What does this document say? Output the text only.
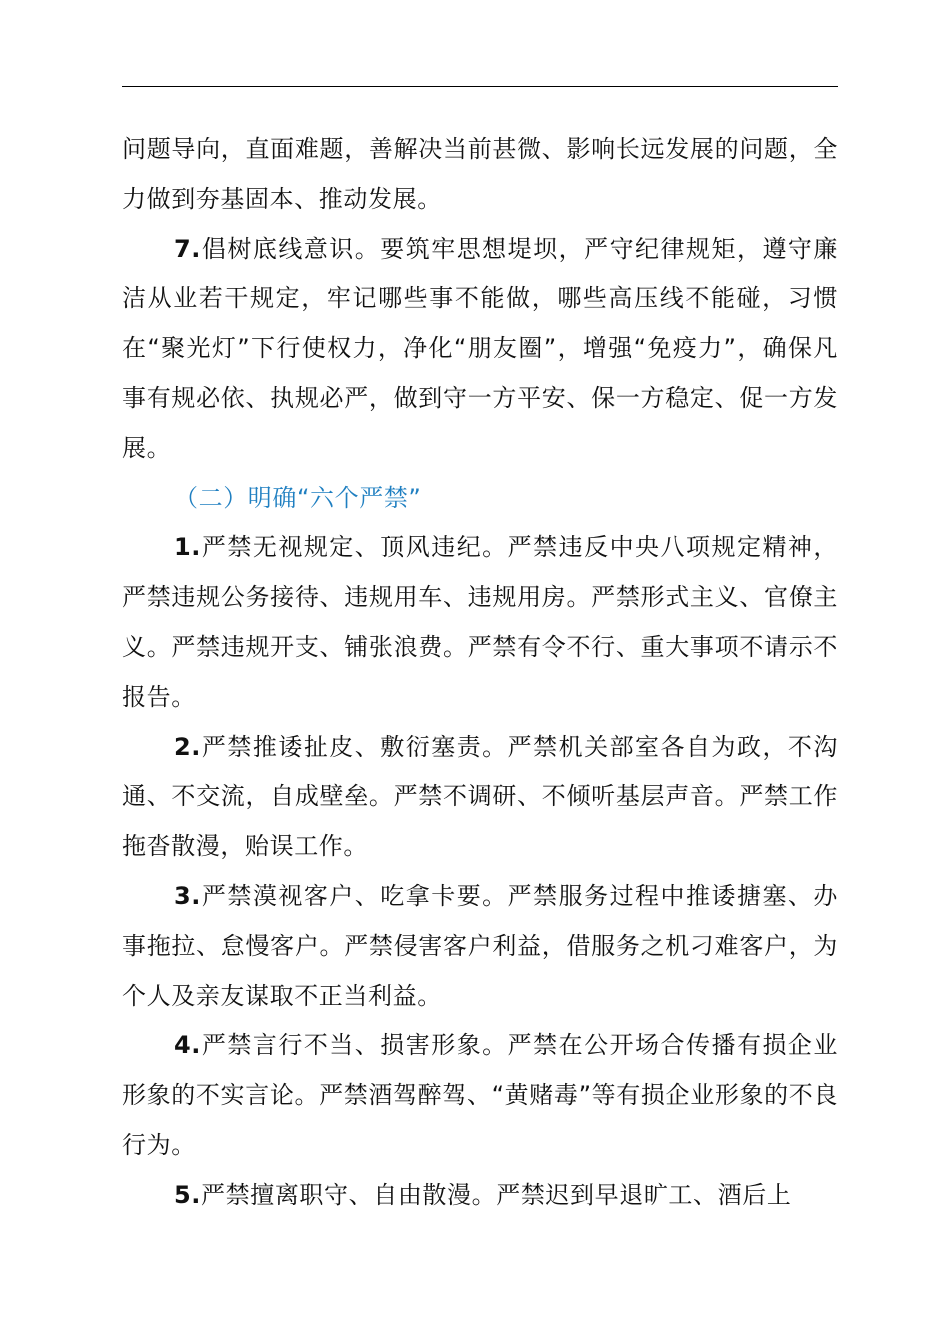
问题导向，直面难题，善解决当前甚微、影响长远发展的问题，全力做到夯基固本、推动发展。

7.倡树底线意识。要筑牢思想堤坝，严守纪律规矩，遵守廉洁从业若干规定，牢记哪些事不能做，哪些高压线不能碰，习惯在“聚光灯”下行使权力，净化“朋友圈”，增强“免疫力”，确保凡事有规必依、执规必严，做到守一方平安、保一方稳定、促一方发展。

（二）明确“六个严禁”

1.严禁无视规定、顶风违纪。严禁违反中央八项规定精神，严禁违规公务接待、违规用车、违规用房。严禁形式主义、官僚主义。严禁违规开支、铺张浪费。严禁有令不行、重大事项不请示不报告。

2.严禁推诿扯皮、敷衍塞责。严禁机关部室各自为政，不沟通、不交流，自成壁垒。严禁不调研、不倾听基层声音。严禁工作拖沓散漫，贻误工作。

3.严禁漠视客户、吃拿卡要。严禁服务过程中推诿搪塞、办事拖拉、怠慢客户。严禁侵害客户利益，借服务之机刁难客户，为个人及亲友谋取不正当利益。

4.严禁言行不当、损害形象。严禁在公开场合传播有损企业形象的不实言论。严禁酒驾醉驾、“黄赌毒”等有损企业形象的不良行为。

5.严禁擅离职守、自由散漫。严禁迟到早退旷工、酒后上
